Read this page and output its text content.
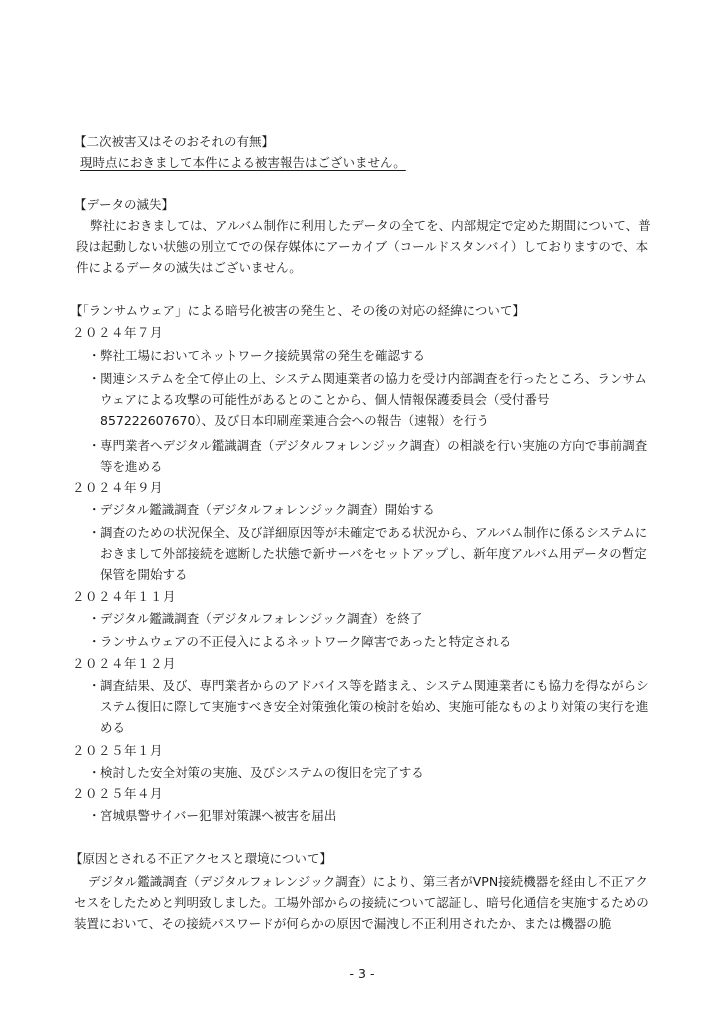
【二次被害又はそのおそれの有無】
現時点におきまして本件による被害報告はございません。
【データの滅失】
弊社におきましては、アルバム制作に利用したデータの全てを、内部規定で定めた期間について、普段は起動しない状態の別立てでの保存媒体にアーカイブ（コールドスタンバイ）しておりますので、本件によるデータの滅失はございません。
【「ランサムウェア」による暗号化被害の発生と、その後の対応の経緯について】
２０２４年７月
・ 弊社工場においてネットワーク接続異常の発生を確認する
・ 関連システムを全て停止の上、システム関連業者の協力を受け内部調査を行ったところ、ランサムウェアによる攻撃の可能性があるとのことから、個人情報保護委員会（受付番号857222607670）、及び日本印刷産業連合会への報告（速報）を行う
・ 専門業者へデジタル鑑識調査（デジタルフォレンジック調査）の相談を行い実施の方向で事前調査等を進める
２０２４年９月
・ デジタル鑑識調査（デジタルフォレンジック調査）開始する
・ 調査のための状況保全、及び詳細原因等が未確定である状況から、アルバム制作に係るシステムにおきまして外部接続を遮断した状態で新サーバをセットアップし、新年度アルバム用データの暫定保管を開始する
２０２４年１１月
・ デジタル鑑識調査（デジタルフォレンジック調査）を終了
・ ランサムウェアの不正侵入によるネットワーク障害であったと特定される
２０２４年１２月
・ 調査結果、及び、専門業者からのアドバイス等を踏まえ、システム関連業者にも協力を得ながらシステム復旧に際して実施すべき安全対策強化策の検討を始め、実施可能なものより対策の実行を進める
２０２５年１月
・ 検討した安全対策の実施、及びシステムの復旧を完了する
２０２５年４月
・ 宮城県警サイバー犯罪対策課へ被害を届出
【原因とされる不正アクセスと環境について】
デジタル鑑識調査（デジタルフォレンジック調査）により、第三者がVPN接続機器を経由し不正アクセスをしたためと判明致しました。工場外部からの接続について認証し、暗号化通信を実施するための装置において、その接続パスワードが何らかの原因で漏洩し不正利用されたか、または機器の脆
- 3 -
